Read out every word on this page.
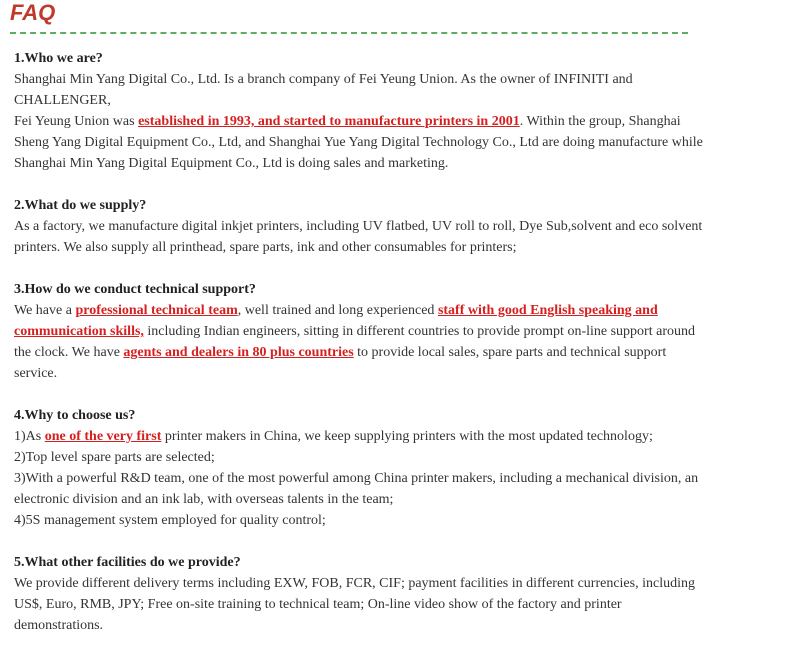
FAQ

1.Who we are?

Shanghai Min Yang Digital Co., Ltd. Is a branch company of Fei Yeung Union. As the owner of INFINITI and CHALLENGER,
Fei Yeung Union was established in 1993, and started to manufacture printers in 2001. Within the group, Shanghai Sheng Yang Digital Equipment Co., Ltd, and Shanghai Yue Yang Digital Technology Co., Ltd are doing manufacture while Shanghai Min Yang Digital Equipment Co., Ltd is doing sales and marketing.

2.What do we supply?

As a factory, we manufacture digital inkjet printers, including UV flatbed, UV roll to roll, Dye Sub,solvent and eco solvent printers. We also supply all printhead, spare parts, ink and other consumables for printers;

3.How do we conduct technical support?

We have a professional technical team, well trained and long experienced staff with good English speaking and communication skills, including Indian engineers, sitting in different countries to provide prompt on-line support around the clock. We have agents and dealers in 80 plus countries to provide local sales, spare parts and technical support service.

4.Why to choose us?

1)As one of the very first printer makers in China, we keep supplying printers with the most updated technology;
2)Top level spare parts are selected;
3)With a powerful R&D team, one of the most powerful among China printer makers, including a mechanical division, an electronic division and an ink lab, with overseas talents in the team;
4)5S management system employed for quality control;

5.What other facilities do we provide?

We provide different delivery terms including EXW, FOB, FCR, CIF; payment facilities in different currencies, including US$, Euro, RMB, JPY; Free on-site training to technical team; On-line video show of the factory and printer demonstrations.
